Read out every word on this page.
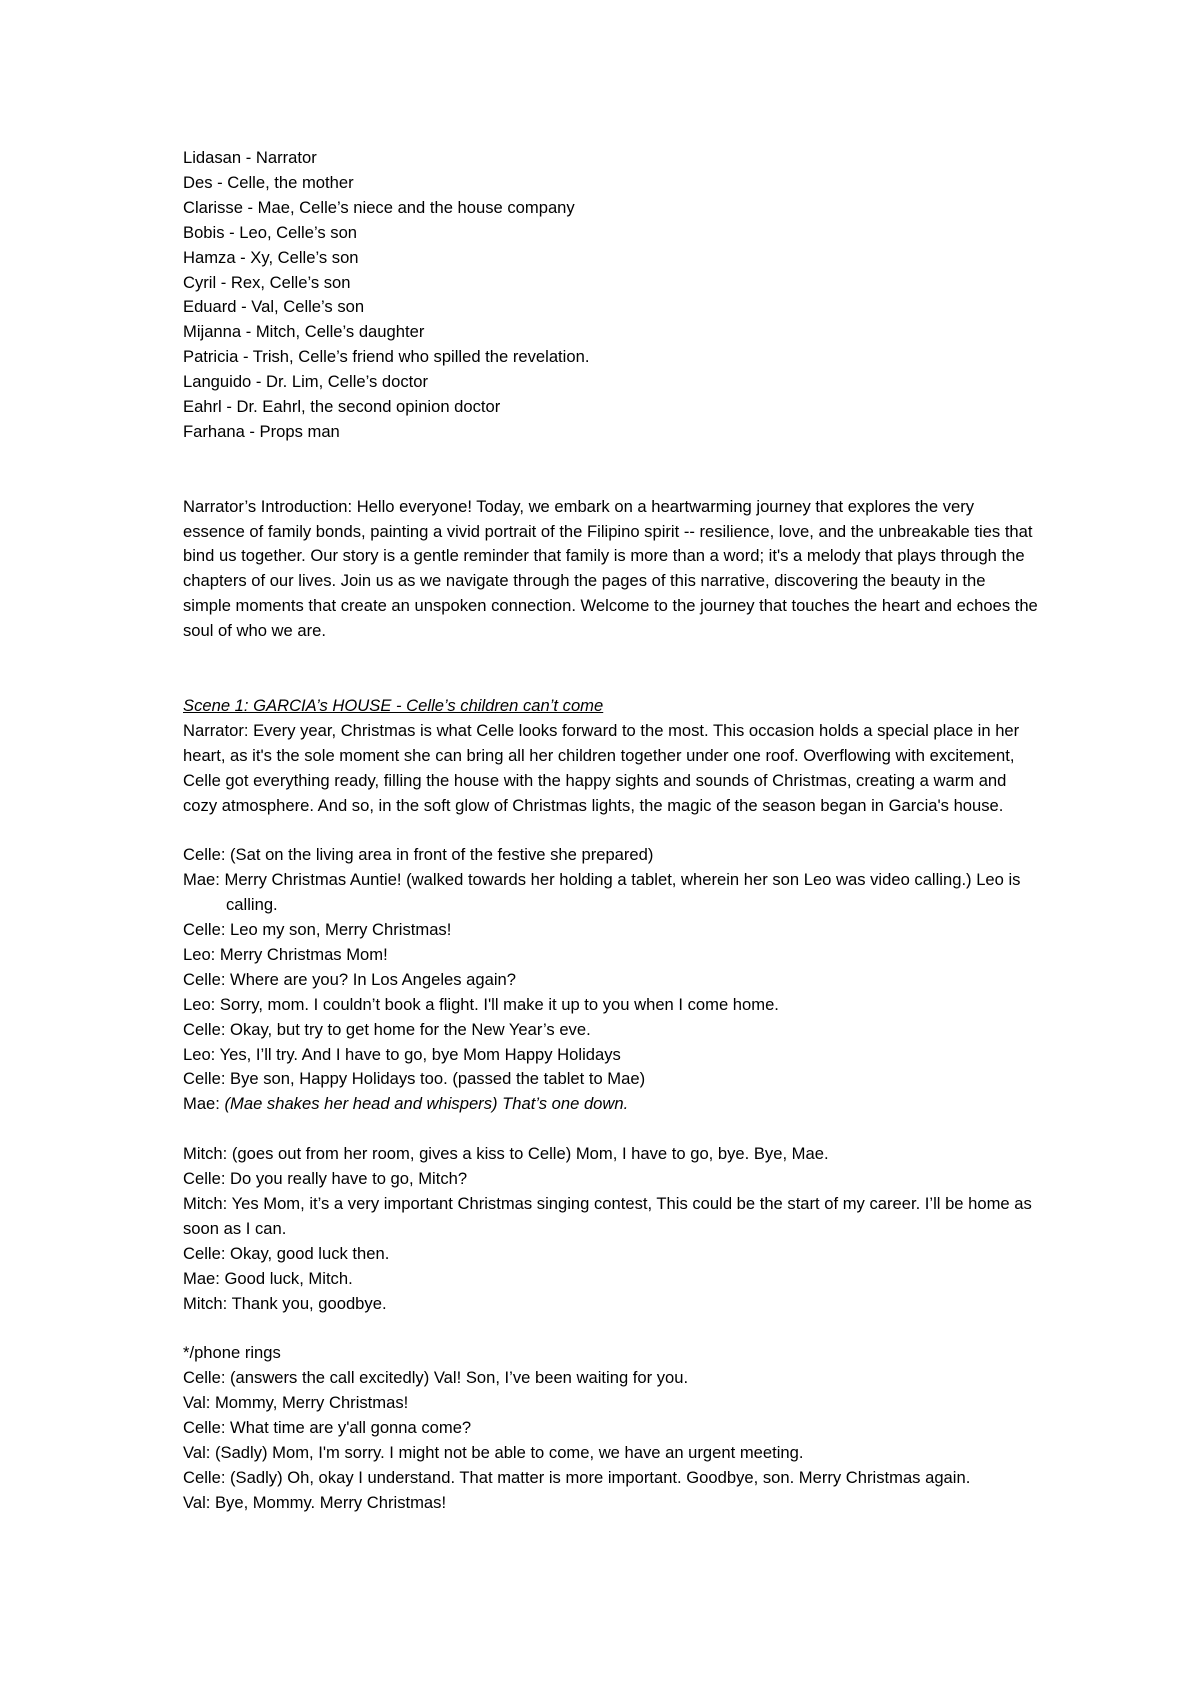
Lidasan - Narrator

Des - Celle, the mother

Clarisse - Mae, Celle’s niece and the house company

Bobis - Leo, Celle’s son

Hamza - Xy, Celle’s son

Cyril - Rex, Celle’s son

Eduard - Val, Celle’s son

Mijanna - Mitch, Celle’s daughter

Patricia - Trish, Celle’s friend who spilled the revelation.

Languido - Dr. Lim, Celle’s doctor

Eahrl - Dr. Eahrl, the second opinion doctor

Farhana - Props man

Narrator’s Introduction: Hello everyone! Today, we embark on a heartwarming journey that explores the very essence of family bonds, painting a vivid portrait of the Filipino spirit -- resilience, love, and the unbreakable ties that bind us together. Our story is a gentle reminder that family is more than a word; it's a melody that plays through the chapters of our lives. Join us as we navigate through the pages of this narrative, discovering the beauty in the simple moments that create an unspoken connection. Welcome to the journey that touches the heart and echoes the soul of who we are.

Scene 1: GARCIA’s HOUSE - Celle’s children can’t come

Narrator: Every year, Christmas is what Celle looks forward to the most. This occasion holds a special place in her heart, as it's the sole moment she can bring all her children together under one roof. Overflowing with excitement, Celle got everything ready, filling the house with the happy sights and sounds of Christmas, creating a warm and cozy atmosphere. And so, in the soft glow of Christmas lights, the magic of the season began in Garcia's house.

Celle: (Sat on the living area in front of the festive she prepared)

Mae: Merry Christmas Auntie! (walked towards her holding a tablet, wherein her son Leo was video calling.) Leo is calling.

Celle: Leo my son, Merry Christmas!

Leo: Merry Christmas Mom!

Celle: Where are you? In Los Angeles again?

Leo: Sorry, mom. I couldn’t book a flight. I'll make it up to you when I come home.

Celle: Okay, but try to get home for the New Year’s eve.

Leo: Yes, I’ll try. And I have to go, bye Mom Happy Holidays

Celle: Bye son, Happy Holidays too. (passed the tablet to Mae)

Mae: (Mae shakes her head and whispers) That’s one down.

Mitch: (goes out from her room, gives a kiss to Celle) Mom, I have to go, bye. Bye, Mae.

Celle: Do you really have to go, Mitch?

Mitch: Yes Mom, it’s a very important Christmas singing contest, This could be the start of my career. I’ll be home as soon as I can.

Celle: Okay, good luck then.

Mae: Good luck, Mitch.

Mitch: Thank you, goodbye.

*/phone rings

Celle: (answers the call excitedly) Val! Son, I’ve been waiting for you.

Val: Mommy, Merry Christmas!

Celle: What time are y'all gonna come?

Val: (Sadly) Mom, I'm sorry. I might not be able to come, we have an urgent meeting.

Celle: (Sadly) Oh, okay I understand. That matter is more important. Goodbye, son. Merry Christmas again.

Val: Bye, Mommy. Merry Christmas!
